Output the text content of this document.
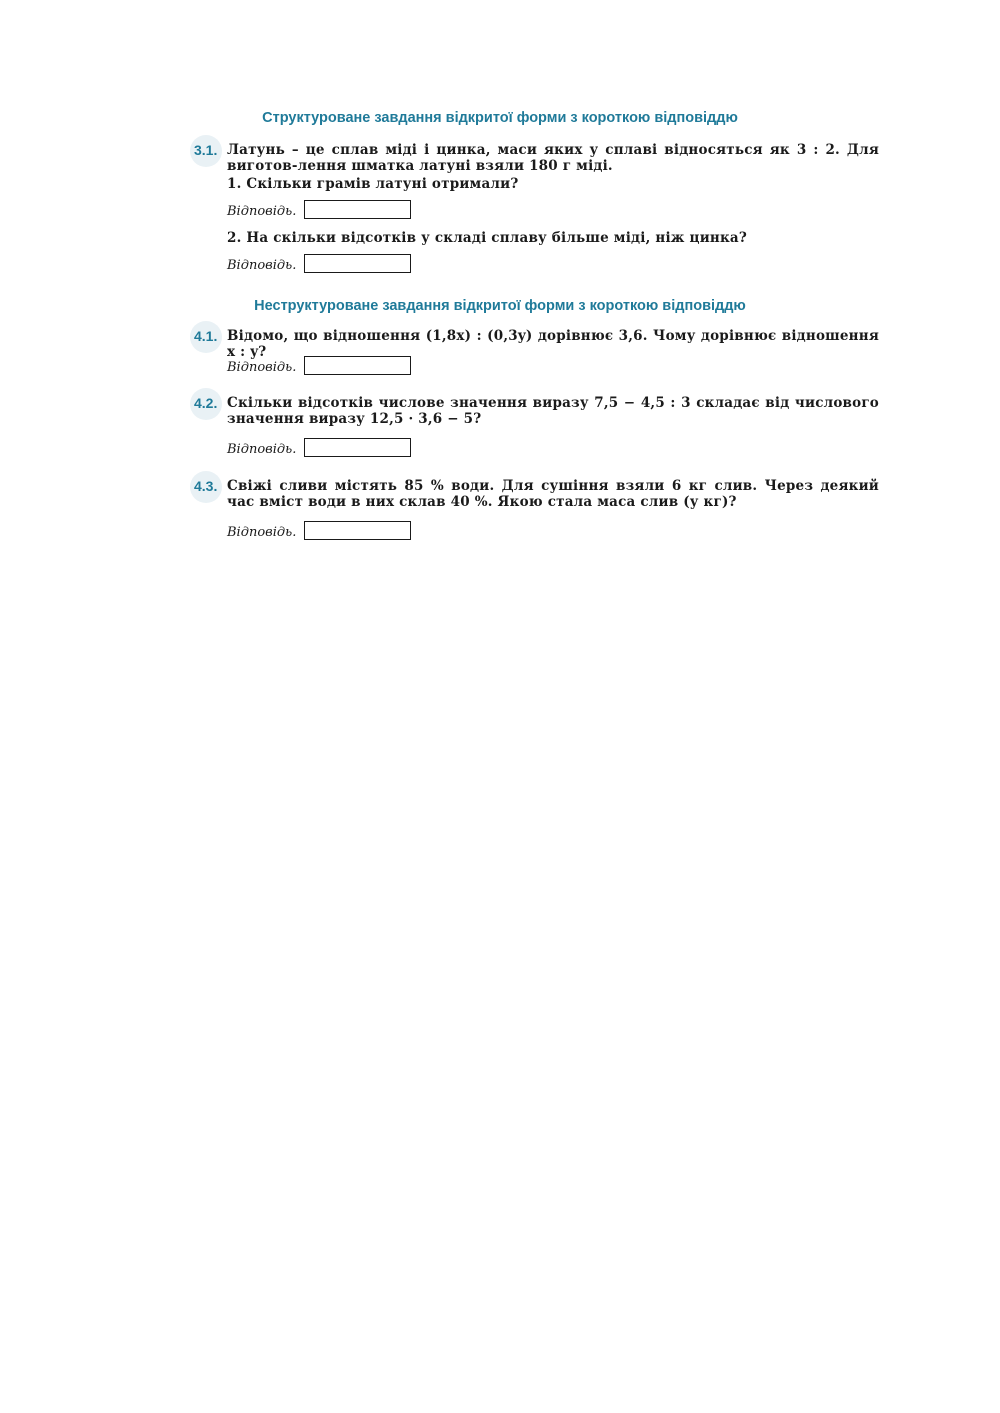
Структуроване завдання відкритої форми з короткою відповіддю
3.1. Латунь – це сплав міді і цинка, маси яких у сплаві відносяться як 3 : 2. Для виготов-лення шматка латуні взяли 180 г міді.
1. Скільки грамів латуні отримали?
Відповідь.
2. На скільки відсотків у складі сплаву більше міді, ніж цинка?
Відповідь.
Неструктуроване завдання відкритої форми з короткою відповіддю
4.1. Відомо, що відношення (1,8x) : (0,3y) дорівнює 3,6. Чому дорівнює відношення x : y?
Відповідь.
4.2. Скільки відсотків числове значення виразу 7,5 − 4,5 : 3 складає від числового значення виразу 12,5 · 3,6 − 5?
Відповідь.
4.3. Свіжі сливи містять 85 % води. Для сушіння взяли 6 кг слив. Через деякий час вміст води в них склав 40 %. Якою стала маса слив (у кг)?
Відповідь.
